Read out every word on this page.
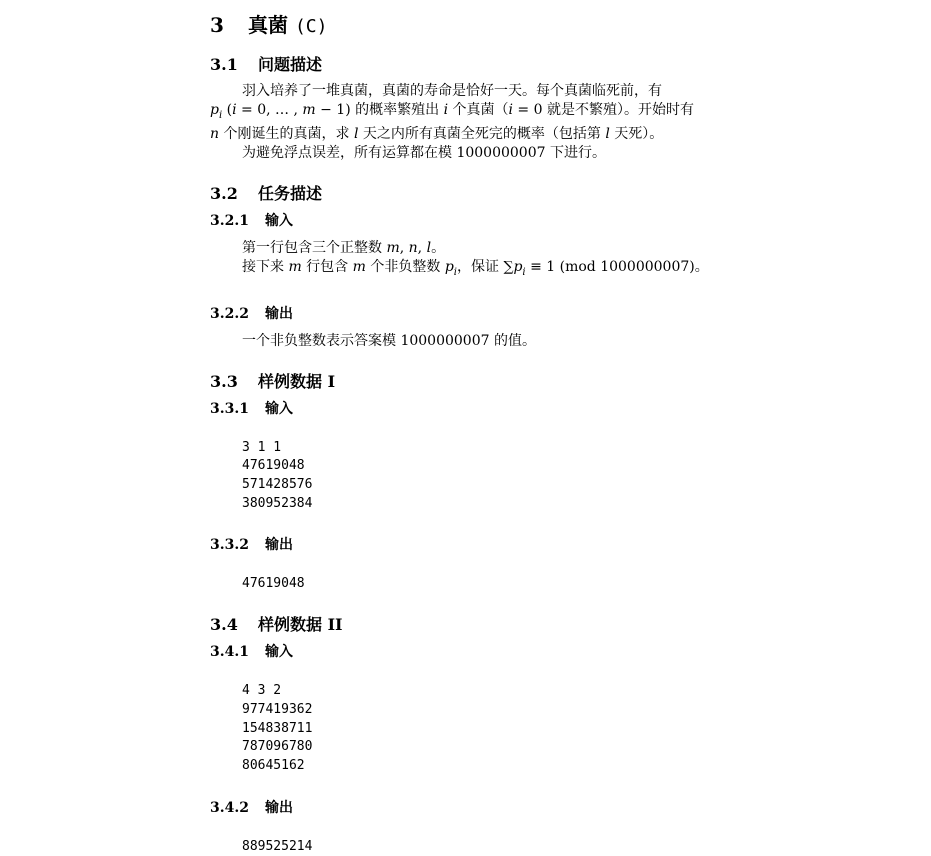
3 真菌 (C)
3.1 问题描述

羽入培养了一堆真菌，真菌的寿命是恰好一天。每个真菌临死前，有

$p_i$ (i = 0, … , m − 1) 的概率繁殖出 i 个真菌（i = 0 就是不繁殖）。开始时有

n 个刚诞生的真菌，求 l 天之内所有真菌全死完的概率（包括第 l 天死）。

为避免浮点误差，所有运算都在模 1000000007 下进行。

3.2 任务描述
3.2.1 输入

第一行包含三个正整数 m, n, l。

接下来 m 行包含 m 个非负整数 $p_i$，保证 $\sum p_i \equiv 1$ (mod 1000000007)。

3.2.2 输出

一个非负整数表示答案模 1000000007 的值。

3.3 样例数据 I
3.3.1 输入
3 1 1
47619048
571428576
380952384
3.3.2 输出
47619048
3.4 样例数据 II
3.4.1 输入
4 3 2
977419362
154838711
787096780
80645162
3.4.2 输出
889525214
